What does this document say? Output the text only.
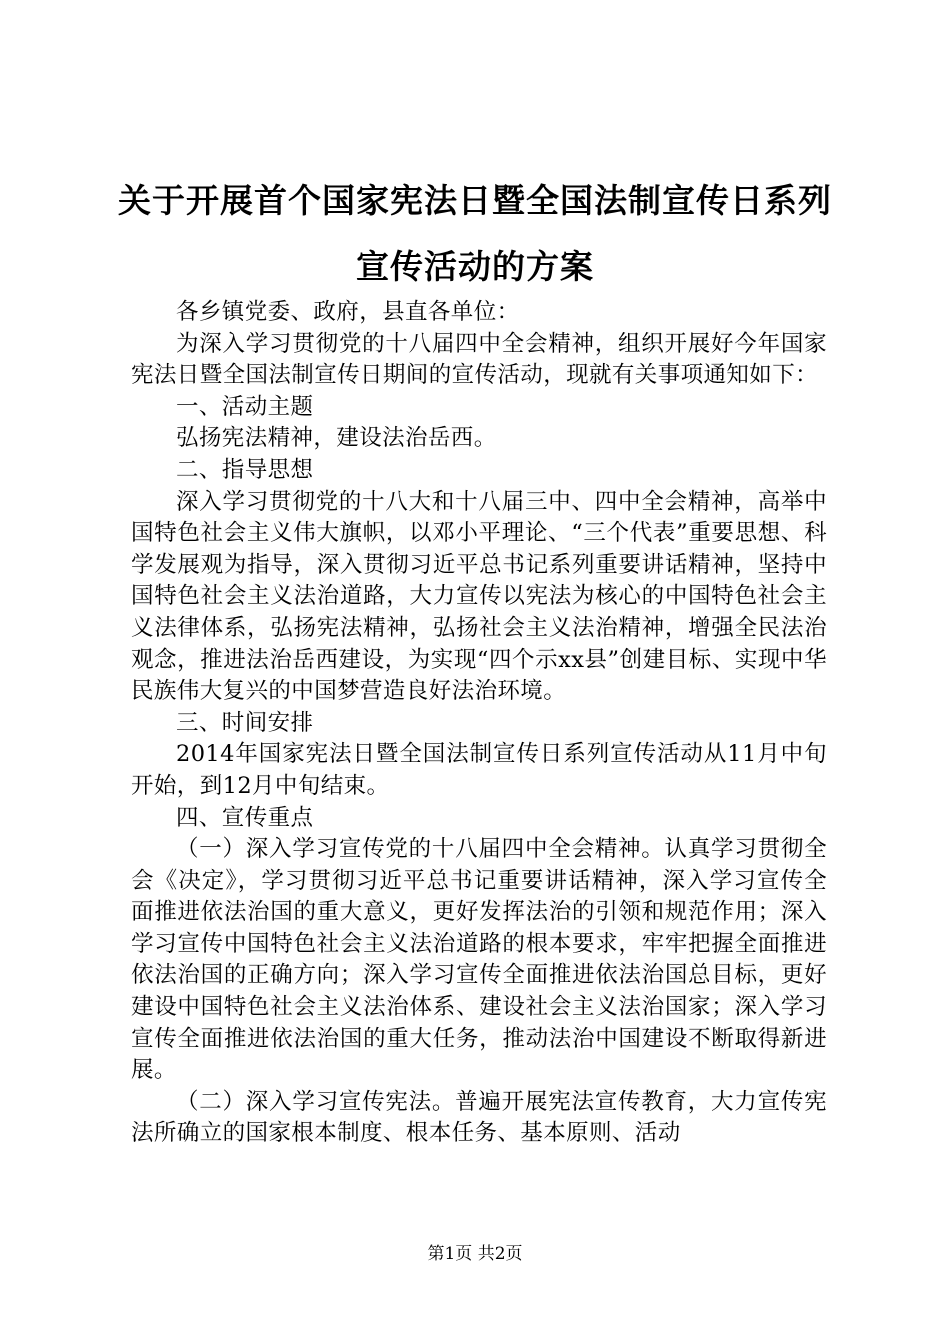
关于开展首个国家宪法日暨全国法制宣传日系列宣传活动的方案

各乡镇党委、政府，县直各单位：

为深入学习贯彻党的十八届四中全会精神，组织开展好今年国家宪法日暨全国法制宣传日期间的宣传活动，现就有关事项通知如下：

一、活动主题

弘扬宪法精神，建设法治岳西。

二、指导思想

深入学习贯彻党的十八大和十八届三中、四中全会精神，高举中国特色社会主义伟大旗帜，以邓小平理论、“三个代表”重要思想、科学发展观为指导，深入贯彻习近平总书记系列重要讲话精神，坚持中国特色社会主义法治道路，大力宣传以宪法为核心的中国特色社会主义法律体系，弘扬宪法精神，弘扬社会主义法治精神，增强全民法治观念，推进法治岳西建设，为实现“四个示xx县”创建目标、实现中华民族伟大复兴的中国梦营造良好法治环境。

三、时间安排

2014年国家宪法日暨全国法制宣传日系列宣传活动从11月中旬开始，到12月中旬结束。

四、宣传重点

（一）深入学习宣传党的十八届四中全会精神。认真学习贯彻全会《决定》，学习贯彻习近平总书记重要讲话精神，深入学习宣传全面推进依法治国的重大意义，更好发挥法治的引领和规范作用；深入学习宣传中国特色社会主义法治道路的根本要求，牢牢把握全面推进依法治国的正确方向；深入学习宣传全面推进依法治国总目标，更好建设中国特色社会主义法治体系、建设社会主义法治国家；深入学习宣传全面推进依法治国的重大任务，推动法治中国建设不断取得新进展。

（二）深入学习宣传宪法。普遍开展宪法宣传教育，大力宣传宪法所确立的国家根本制度、根本任务、基本原则、活动

第1页 共2页
